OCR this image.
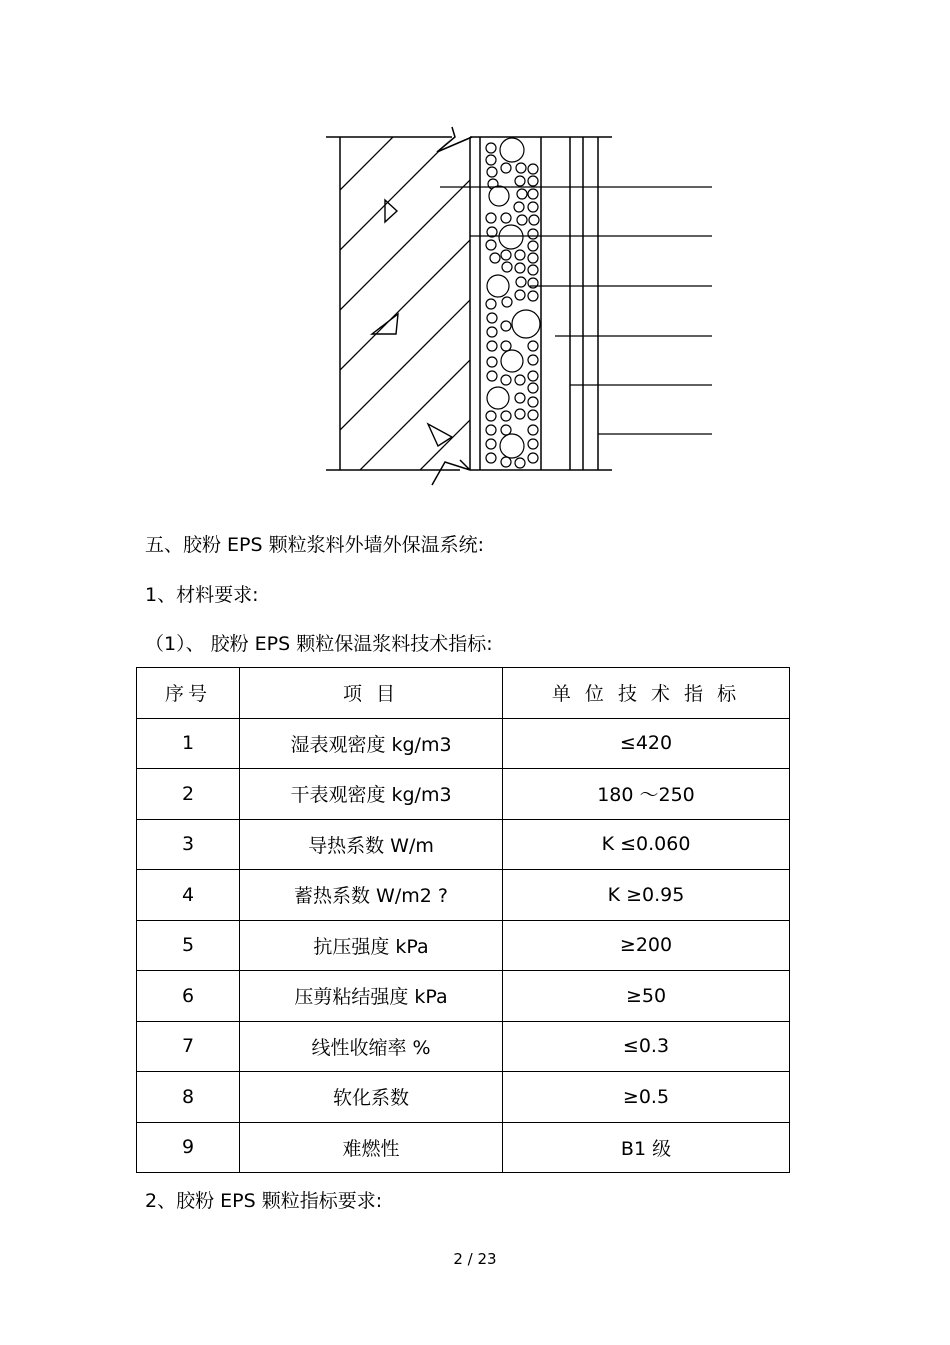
五、胶粉 EPS 颗粒浆料外墙外保温系统:
1、材料要求:
（1）、 胶粉 EPS 颗粒保温浆料技术指标:
序号	项 目	单 位 技 术 指 标
1	湿表观密度 kg/m3	≤420
2	干表观密度 kg/m3	180 ～250
3	导热系数 W/m	K ≤0.060
4	蓄热系数 W/m2 ?	K ≥0.95
5	抗压强度 kPa	≥200
6	压剪粘结强度 kPa	≥50
7	线性收缩率 %	≤0.3
8	软化系数	≥0.5
9	难燃性	B1 级
2、胶粉 EPS 颗粒指标要求:
2 / 23
